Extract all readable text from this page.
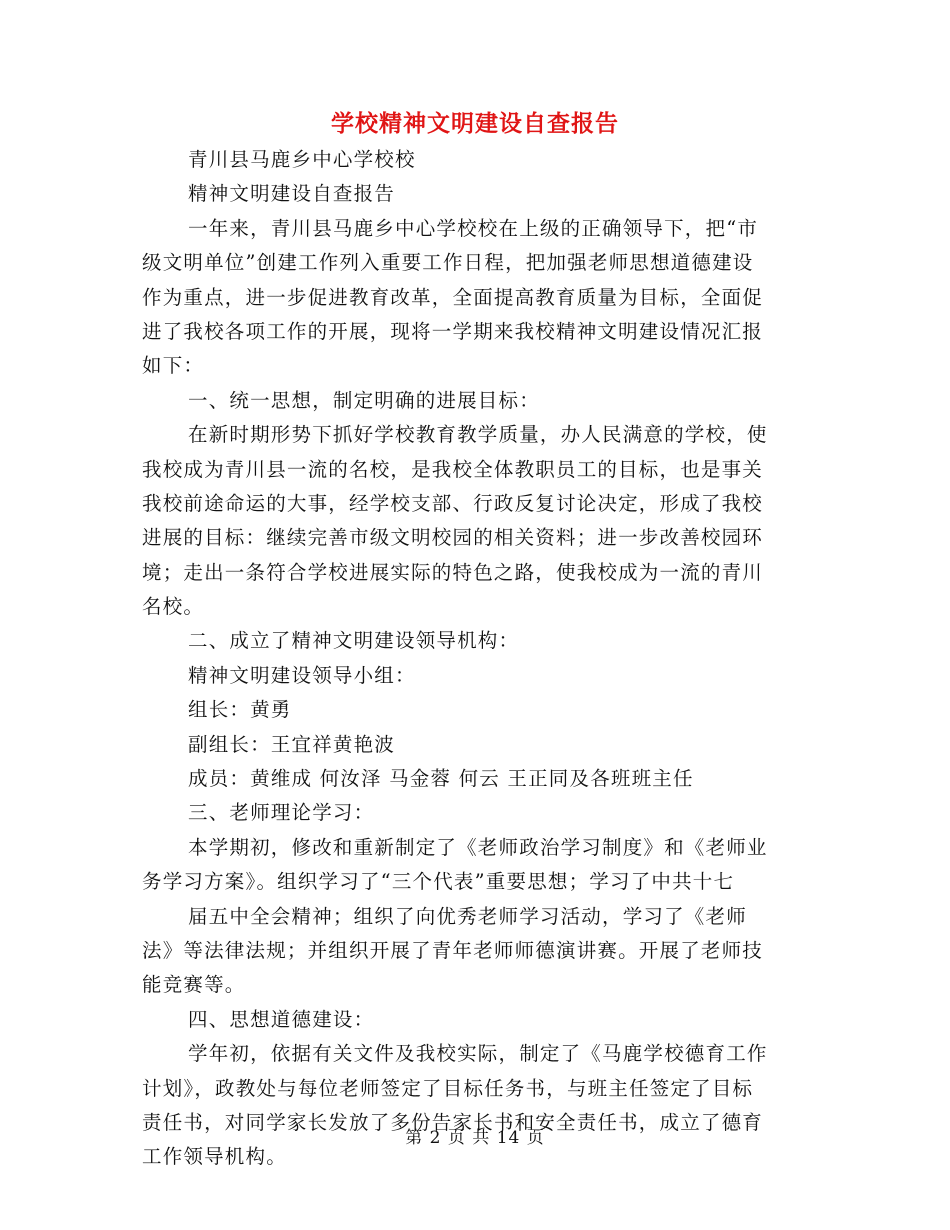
学校精神文明建设自查报告
青川县马鹿乡中心学校校
精神文明建设自查报告
一年来，青川县马鹿乡中心学校校在上级的正确领导下，把“市
级文明单位”创建工作列入重要工作日程，把加强老师思想道德建设
作为重点，进一步促进教育改革，全面提高教育质量为目标，全面促
进了我校各项工作的开展，现将一学期来我校精神文明建设情况汇报
如下：
一、统一思想，制定明确的进展目标：
在新时期形势下抓好学校教育教学质量，办人民满意的学校，使
我校成为青川县一流的名校，是我校全体教职员工的目标，也是事关
我校前途命运的大事，经学校支部、行政反复讨论决定，形成了我校
进展的目标：继续完善市级文明校园的相关资料；进一步改善校园环
境；走出一条符合学校进展实际的特色之路，使我校成为一流的青川
名校。
二、成立了精神文明建设领导机构：
精神文明建设领导小组：
组长：黄勇
副组长：王宜祥黄艳波
成员：黄维成 何汝泽 马金蓉 何云 王正同及各班班主任
三、老师理论学习：
本学期初，修改和重新制定了《老师政治学习制度》和《老师业
务学习方案》。组织学习了“三个代表”重要思想；学习了中共十七
届五中全会精神；组织了向优秀老师学习活动，学习了《老师
法》等法律法规；并组织开展了青年老师师德演讲赛。开展了老师技
能竞赛等。
四、思想道德建设：
学年初，依据有关文件及我校实际，制定了《马鹿学校德育工作
计划》，政教处与每位老师签定了目标任务书，与班主任签定了目标
责任书，对同学家长发放了多份告家长书和安全责任书，成立了德育
工作领导机构。
第 2 页 共 14 页
